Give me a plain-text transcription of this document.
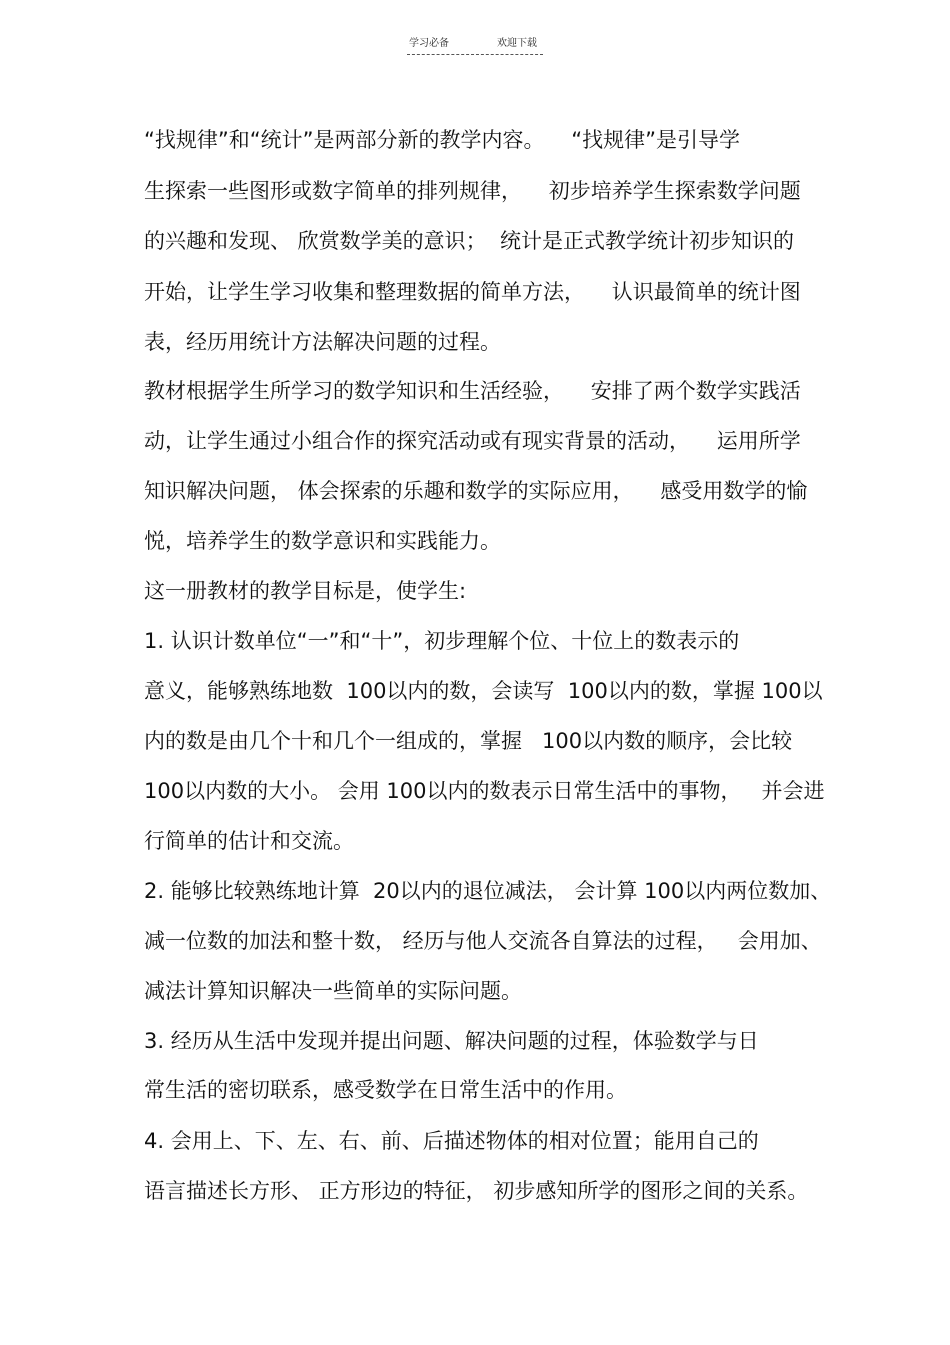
学习必备	欢迎下载
“找规律”和“统计”是两部分新的教学内容。    “找规律”是引导学
生探索一些图形或数字简单的排列规律，    初步培养学生探索数学问题
的兴趣和发现、 欣赏数学美的意识；  统计是正式教学统计初步知识的
开始，让学生学习收集和整理数据的简单方法，    认识最简单的统计图
表，经历用统计方法解决问题的过程。
教材根据学生所学习的数学知识和生活经验，    安排了两个数学实践活
动，让学生通过小组合作的探究活动或有现实背景的活动，    运用所学
知识解决问题， 体会探索的乐趣和数学的实际应用，    感受用数学的愉
悦，培养学生的数学意识和实践能力。
这一册教材的教学目标是，使学生:
1. 认识计数单位“一”和“十”，初步理解个位、十位上的数表示的
意义，能够熟练地数  100以内的数，会读写  100以内的数，掌握 100以
内的数是由几个十和几个一组成的，掌握   100以内数的顺序，会比较
100以内数的大小。 会用 100以内的数表示日常生活中的事物，   并会进
行简单的估计和交流。
2. 能够比较熟练地计算  20以内的退位减法， 会计算 100以内两位数加、
减一位数的加法和整十数， 经历与他人交流各自算法的过程，   会用加、
减法计算知识解决一些简单的实际问题。
3. 经历从生活中发现并提出问题、解决问题的过程，体验数学与日
常生活的密切联系，感受数学在日常生活中的作用。
4. 会用上、下、左、右、前、后描述物体的相对位置；能用自己的
语言描述长方形、 正方形边的特征， 初步感知所学的图形之间的关系。
